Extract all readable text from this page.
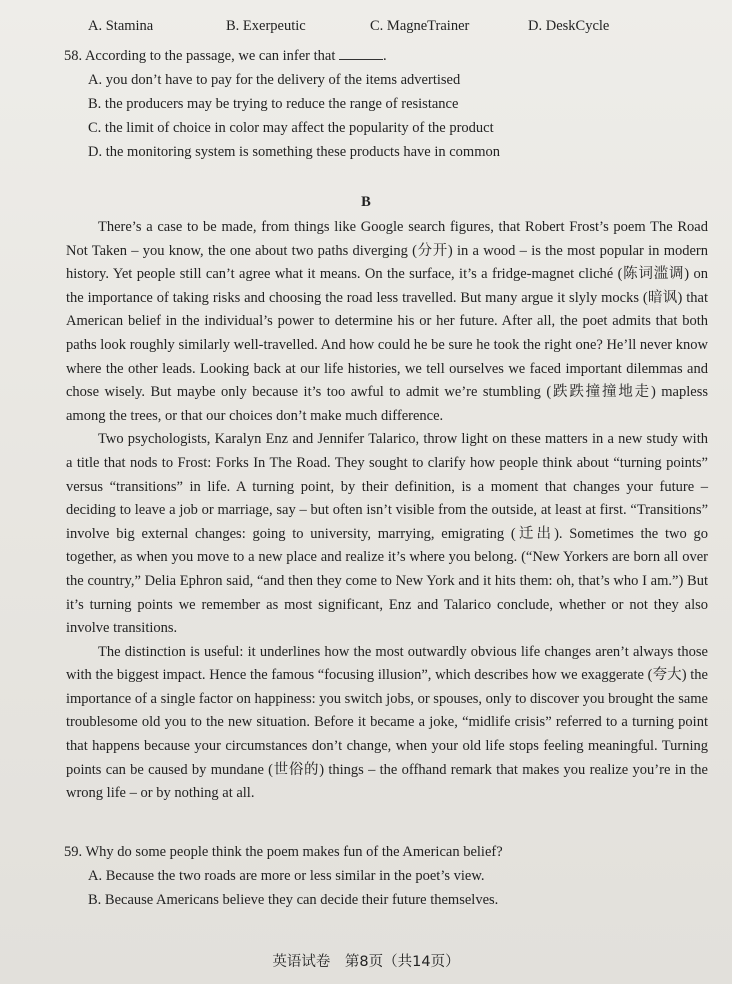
A. Stamina	B. Exerpeutic	C. MagneTrainer	D. DeskCycle
58. According to the passage, we can infer that	.
A. you don’t have to pay for the delivery of the items advertised
B. the producers may be trying to reduce the range of resistance
C. the limit of choice in color may affect the popularity of the product
D. the monitoring system is something these products have in common
B

There’s a case to be made, from things like Google search figures, that Robert Frost’s poem The Road Not Taken – you know, the one about two paths diverging (分开) in a wood – is the most popular in modern history. Yet people still can’t agree what it means. On the surface, it’s a fridge-magnet cliché (陈词滥调) on the importance of taking risks and choosing the road less travelled. But many argue it slyly mocks (暗讽) that American belief in the individual’s power to determine his or her future. After all, the poet admits that both paths look roughly similarly well-travelled. And how could he be sure he took the right one? He’ll never know where the other leads. Looking back at our life histories, we tell ourselves we faced important dilemmas and chose wisely. But maybe only because it’s too awful to admit we’re stumbling (跌跌撞撞地走) mapless among the trees, or that our choices don’t make much difference.

Two psychologists, Karalyn Enz and Jennifer Talarico, throw light on these matters in a new study with a title that nods to Frost: Forks In The Road. They sought to clarify how people think about “turning points” versus “transitions” in life. A turning point, by their definition, is a moment that changes your future – deciding to leave a job or marriage, say – but often isn’t visible from the outside, at least at first. “Transitions” involve big external changes: going to university, marrying, emigrating (迁出). Sometimes the two go together, as when you move to a new place and realize it’s where you belong. (“New Yorkers are born all over the country,” Delia Ephron said, “and then they come to New York and it hits them: oh, that’s who I am.”) But it’s turning points we remember as most significant, Enz and Talarico conclude, whether or not they also involve transitions.

The distinction is useful: it underlines how the most outwardly obvious life changes aren’t always those with the biggest impact. Hence the famous “focusing illusion”, which describes how we exaggerate (夸大) the importance of a single factor on happiness: you switch jobs, or spouses, only to discover you brought the same troublesome old you to the new situation. Before it became a joke, “midlife crisis” referred to a turning point that happens because your circumstances don’t change, when your old life stops feeling meaningful. Turning points can be caused by mundane (世俗的) things – the offhand remark that makes you realize you’re in the wrong life – or by nothing at all.

59. Why do some people think the poem makes fun of the American belief?
A. Because the two roads are more or less similar in the poet’s view.
B. Because Americans believe they can decide their future themselves.
英语试卷　第8页（共14页）
